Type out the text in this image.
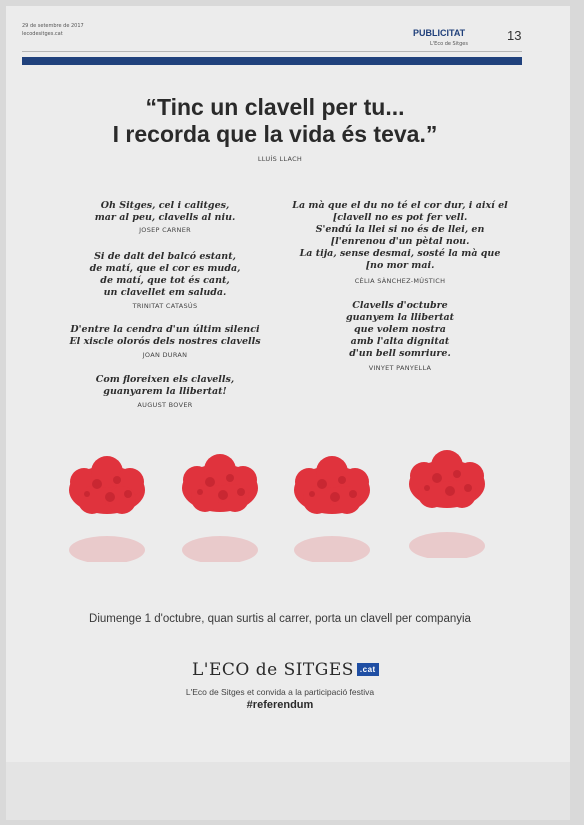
29 de setembre de 2017
lecodesitges.cat	PUBLICITAT
L'Eco de Sitges
13
“Tinc un clavell per tu...
I recorda que la vida és teva.”
LLUÍS LLACH
Oh Sitges, cel i calitges,
mar al peu, clavells al niu.
JOSEP CARNER
Si de dalt del balcó estant,
de matí, que el cor es muda,
de matí, que tot és cant,
un clavellet em saluda.
TRINITAT CATASÚS
D'entre la cendra d'un últim silenci
El xiscle olorós dels nostres clavells
JOAN DURAN
Com floreixen els clavells,
guanyarem la llibertat!
AUGUST BOVER
La mà que el du no té el cor dur, i així el
[clavell no es pot fer vell.
S'endú la llei si no és de llei, en
[l'enrenou d'un pètal nou.
La tija, sense desmai, sosté la mà que
[no mor mai.
CÈLIA SÀNCHEZ-MÚSTICH
Clavells d'octubre
guanyem la llibertat
que volem nostra
amb l'alta dignitat
d'un bell somriure.
VINYET PANYELLA
Diumenge 1 d'octubre, quan surtis al carrer, porta un clavell per companyia
L'ECO de SITGES .cat
L'Eco de Sitges et convida a la participació festiva
#referendum
